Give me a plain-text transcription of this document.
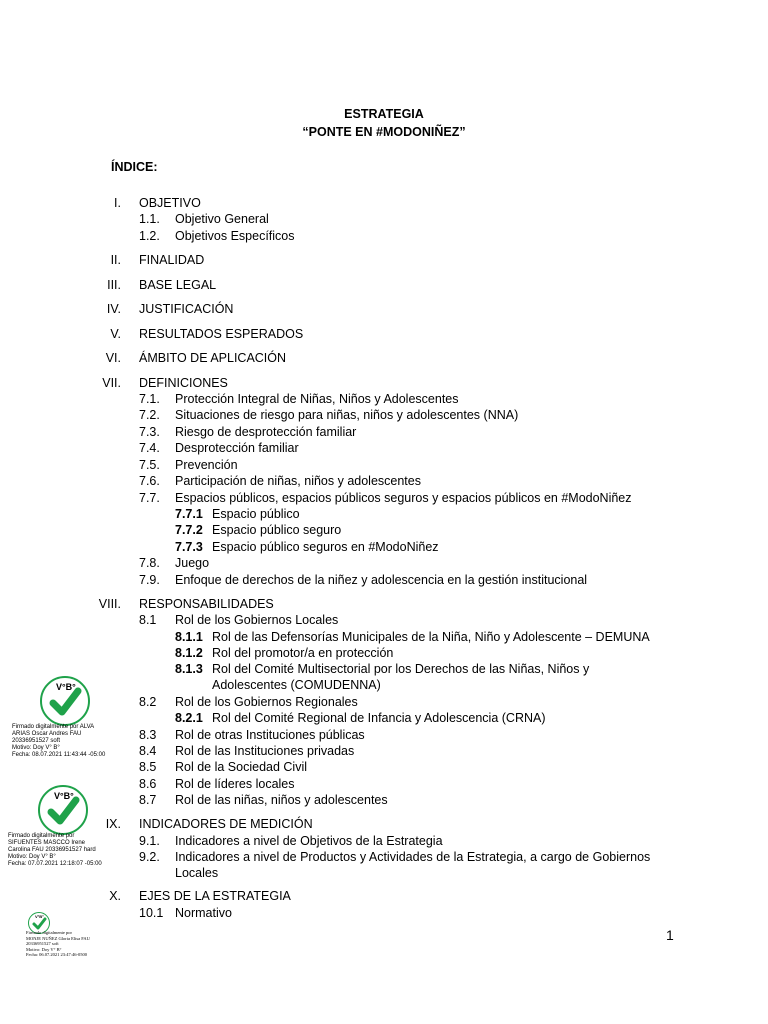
ESTRATEGIA
“PONTE EN #MODONIÑEZ”
ÍNDICE:
I. OBJETIVO
1.1. Objetivo General
1.2. Objetivos Específicos
II. FINALIDAD
III. BASE LEGAL
IV. JUSTIFICACIÓN
V. RESULTADOS ESPERADOS
VI. ÁMBITO DE APLICACIÓN
VII. DEFINICIONES
7.1. Protección Integral de Niñas, Niños y Adolescentes
7.2. Situaciones de riesgo para niñas, niños y adolescentes (NNA)
7.3. Riesgo de desprotección familiar
7.4. Desprotección familiar
7.5. Prevención
7.6. Participación de niñas, niños y adolescentes
7.7. Espacios públicos, espacios públicos seguros y espacios públicos en #ModoNiñez
7.7.1 Espacio público
7.7.2 Espacio público seguro
7.7.3 Espacio público seguros en #ModoNiñez
7.8. Juego
7.9. Enfoque de derechos de la niñez y adolescencia en la gestión institucional
VIII. RESPONSABILIDADES
8.1 Rol de los Gobiernos Locales
8.1.1 Rol de las Defensorías Municipales de la Niña, Niño y Adolescente – DEMUNA
8.1.2 Rol del promotor/a en protección
8.1.3 Rol del Comité Multisectorial por los Derechos de las Niñas, Niños y
Adolescentes (COMUDENNA)
8.2 Rol de los Gobiernos Regionales
8.2.1 Rol del Comité Regional de Infancia y Adolescencia (CRNA)
8.3 Rol de otras Instituciones públicas
8.4 Rol de las Instituciones privadas
8.5 Rol de la Sociedad Civil
8.6 Rol de líderes locales
8.7 Rol de las niñas, niños y adolescentes
IX. INDICADORES DE MEDICIÓN
9.1. Indicadores a nivel de Objetivos de la Estrategia
9.2. Indicadores a nivel de Productos y Actividades de la Estrategia, a cargo de Gobiernos
Locales
X. EJES DE LA ESTRATEGIA
10.1 Normativo
V°B°
Firmado digitalmente por ALVA
ARIAS Oscar Andres FAU
20336951527 soft
Motivo: Doy V° B°
Fecha: 08.07.2021 11:43:44 -05:00
V°B°
Firmado digitalmente por
SIFUENTES MASCCO Irene
Carolina FAU 20336951527 hard
Motivo: Doy V° B°
Fecha: 07.07.2021 12:18:07 -05:00
V°B°
Firmado digitalmente por
MONJE NUÑEZ Gloria Elisa FAU
20336951527 soft
Motivo: Doy V° B°
Fecha: 06.07.2021 23:47:46-0500
1
